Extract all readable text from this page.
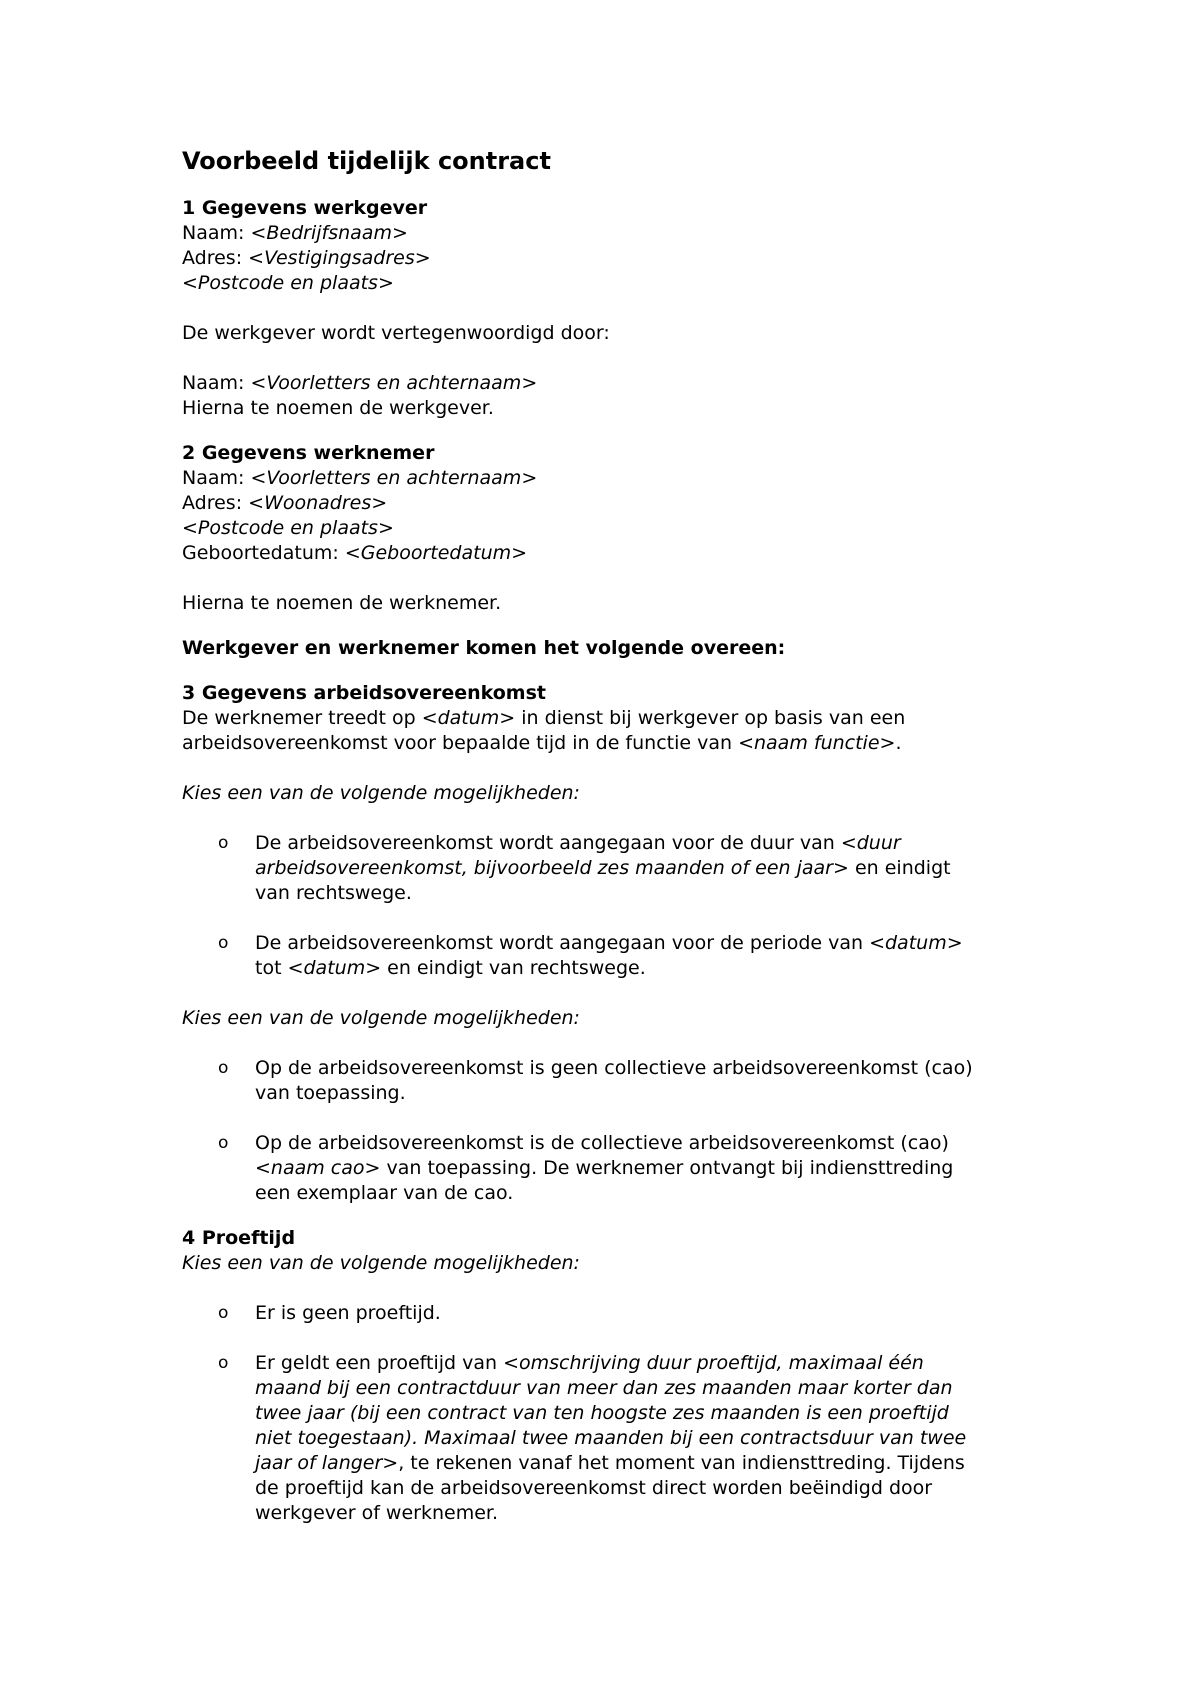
Voorbeeld tijdelijk contract
1 Gegevens werkgever

Naam: <Bedrijfsnaam>

Adres: <Vestigingsadres>

<Postcode en plaats>

De werkgever wordt vertegenwoordigd door:

Naam: <Voorletters en achternaam>

Hierna te noemen de werkgever.

2 Gegevens werknemer

Naam: <Voorletters en achternaam>

Adres: <Woonadres>

<Postcode en plaats>

Geboortedatum: <Geboortedatum>

Hierna te noemen de werknemer.

Werkgever en werknemer komen het volgende overeen:
3 Gegevens arbeidsovereenkomst

De werknemer treedt op <datum> in dienst bij werkgever op basis van een

arbeidsovereenkomst voor bepaalde tijd in de functie van <naam functie>.

Kies een van de volgende mogelijkheden:

o De arbeidsovereenkomst wordt aangegaan voor de duur van <duur

arbeidsovereenkomst, bijvoorbeeld zes maanden of een jaar> en eindigt

van rechtswege.

o De arbeidsovereenkomst wordt aangegaan voor de periode van <datum>

tot <datum> en eindigt van rechtswege.

Kies een van de volgende mogelijkheden:

o Op de arbeidsovereenkomst is geen collectieve arbeidsovereenkomst (cao)

van toepassing.

o Op de arbeidsovereenkomst is de collectieve arbeidsovereenkomst (cao)

<naam cao> van toepassing. De werknemer ontvangt bij indiensttreding

een exemplaar van de cao.

4 Proeftijd

Kies een van de volgende mogelijkheden:

o Er is geen proeftijd.

o Er geldt een proeftijd van <omschrijving duur proeftijd, maximaal één

maand bij een contractduur van meer dan zes maanden maar korter dan

twee jaar (bij een contract van ten hoogste zes maanden is een proeftijd

niet toegestaan). Maximaal twee maanden bij een contractsduur van twee

jaar of langer>, te rekenen vanaf het moment van indiensttreding. Tijdens

de proeftijd kan de arbeidsovereenkomst direct worden beëindigd door

werkgever of werknemer.
